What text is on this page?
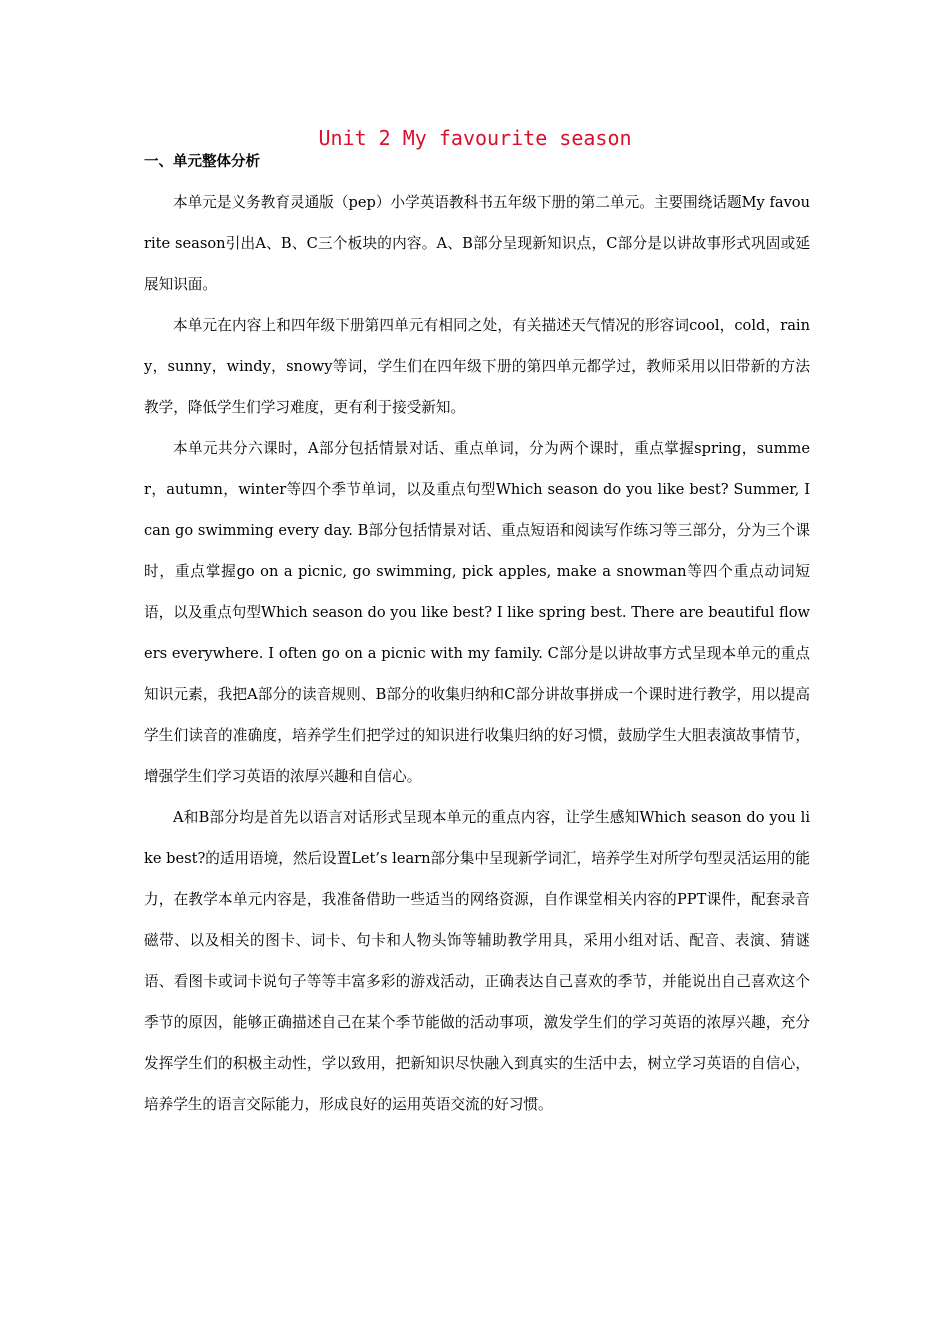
Unit 2 My favourite season
一、单元整体分析

本单元是义务教育灵通版（pep）小学英语教科书五年级下册的第二单元。主要围绕话题My favourite season引出A、B、C三个板块的内容。A、B部分呈现新知识点，C部分是以讲故事形式巩固或延展知识面。

本单元在内容上和四年级下册第四单元有相同之处，有关描述天气情况的形容词cool，cold，rainy，sunny，windy，snowy等词，学生们在四年级下册的第四单元都学过，教师采用以旧带新的方法教学，降低学生们学习难度，更有利于接受新知。

本单元共分六课时，A部分包括情景对话、重点单词，分为两个课时，重点掌握spring，summer，autumn，winter等四个季节单词，以及重点句型Which season do you like best? Summer, I can go swimming every day. B部分包括情景对话、重点短语和阅读写作练习等三部分，分为三个课时，重点掌握go on a picnic, go swimming, pick apples, make a snowman等四个重点动词短语，以及重点句型Which season do you like best? I like spring best. There are beautiful flowers everywhere. I often go on a picnic with my family. C部分是以讲故事方式呈现本单元的重点知识元素，我把A部分的读音规则、B部分的收集归纳和C部分讲故事拼成一个课时进行教学，用以提高学生们读音的准确度，培养学生们把学过的知识进行收集归纳的好习惯，鼓励学生大胆表演故事情节，增强学生们学习英语的浓厚兴趣和自信心。

A和B部分均是首先以语言对话形式呈现本单元的重点内容，让学生感知Which season do you like best?的适用语境，然后设置Let’s learn部分集中呈现新学词汇，培养学生对所学句型灵活运用的能力，在教学本单元内容是，我准备借助一些适当的网络资源，自作课堂相关内容的PPT课件，配套录音磁带、以及相关的图卡、词卡、句卡和人物头饰等辅助教学用具，采用小组对话、配音、表演、猜谜语、看图卡或词卡说句子等等丰富多彩的游戏活动，正确表达自己喜欢的季节，并能说出自己喜欢这个季节的原因，能够正确描述自己在某个季节能做的活动事项，激发学生们的学习英语的浓厚兴趣，充分发挥学生们的积极主动性，学以致用，把新知识尽快融入到真实的生活中去，树立学习英语的自信心，培养学生的语言交际能力，形成良好的运用英语交流的好习惯。
